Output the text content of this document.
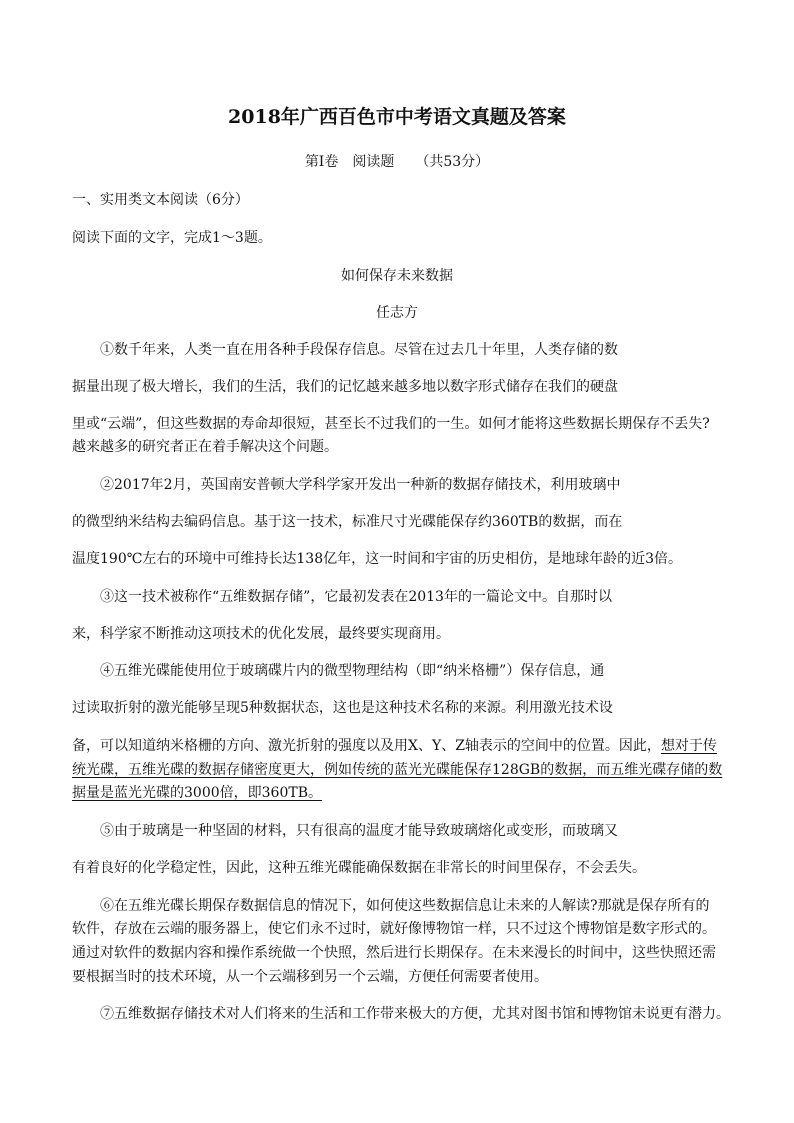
2018年广西百色市中考语文真题及答案
第Ⅰ卷　阅读题　　（共53分）
一、实用类文本阅读（6分）
阅读下面的文字，完成1～3题。
如何保存未来数据
任志方
①数千年来，人类一直在用各种手段保存信息。尽管在过去几十年里，人类存储的数
据量出现了极大增长，我们的生活，我们的记忆越来越多地以数字形式储存在我们的硬盘
里或“云端”，但这些数据的寿命却很短，甚至长不过我们的一生。如何才能将这些数据长期保存不丢失?
越来越多的研究者正在着手解决这个问题。
②2017年2月，英国南安普顿大学科学家开发出一种新的数据存储技术，利用玻璃中
的微型纳米结构去编码信息。基于这一技术，标准尺寸光碟能保存约360TB的数据，而在
温度190℃左右的环境中可维持长达138亿年，这一时间和宇宙的历史相仿，是地球年龄的近3倍。
③这一技术被称作“五维数据存储”，它最初发表在2013年的一篇论文中。自那时以
来，科学家不断推动这项技术的优化发展，最终要实现商用。
④五维光碟能使用位于玻璃碟片内的微型物理结构（即“纳米格栅”）保存信息，通
过读取折射的激光能够呈现5种数据状态，这也是这种技术名称的来源。利用激光技术设
备，可以知道纳米格栅的方向、激光折射的强度以及用X、Y、Z轴表示的空间中的位置。因此，想对于传
统光碟，五维光碟的数据存储密度更大，例如传统的蓝光光碟能保存128GB的数据，而五维光碟存储的数
据量是蓝光光碟的3000倍，即360TB。
⑤由于玻璃是一种坚固的材料，只有很高的温度才能导致玻璃熔化或变形，而玻璃又
有着良好的化学稳定性，因此，这种五维光碟能确保数据在非常长的时间里保存，不会丢失。
⑥在五维光碟长期保存数据信息的情况下，如何使这些数据信息让未来的人解读?那就是保存所有的
软件，存放在云端的服务器上，使它们永不过时，就好像博物馆一样，只不过这个博物馆是数字形式的。
通过对软件的数据内容和操作系统做一个快照，然后进行长期保存。在未来漫长的时间中，这些快照还需
要根据当时的技术环境，从一个云端移到另一个云端，方便任何需要者使用。
⑦五维数据存储技术对人们将来的生活和工作带来极大的方便，尤其对图书馆和博物馆未说更有潜力。
